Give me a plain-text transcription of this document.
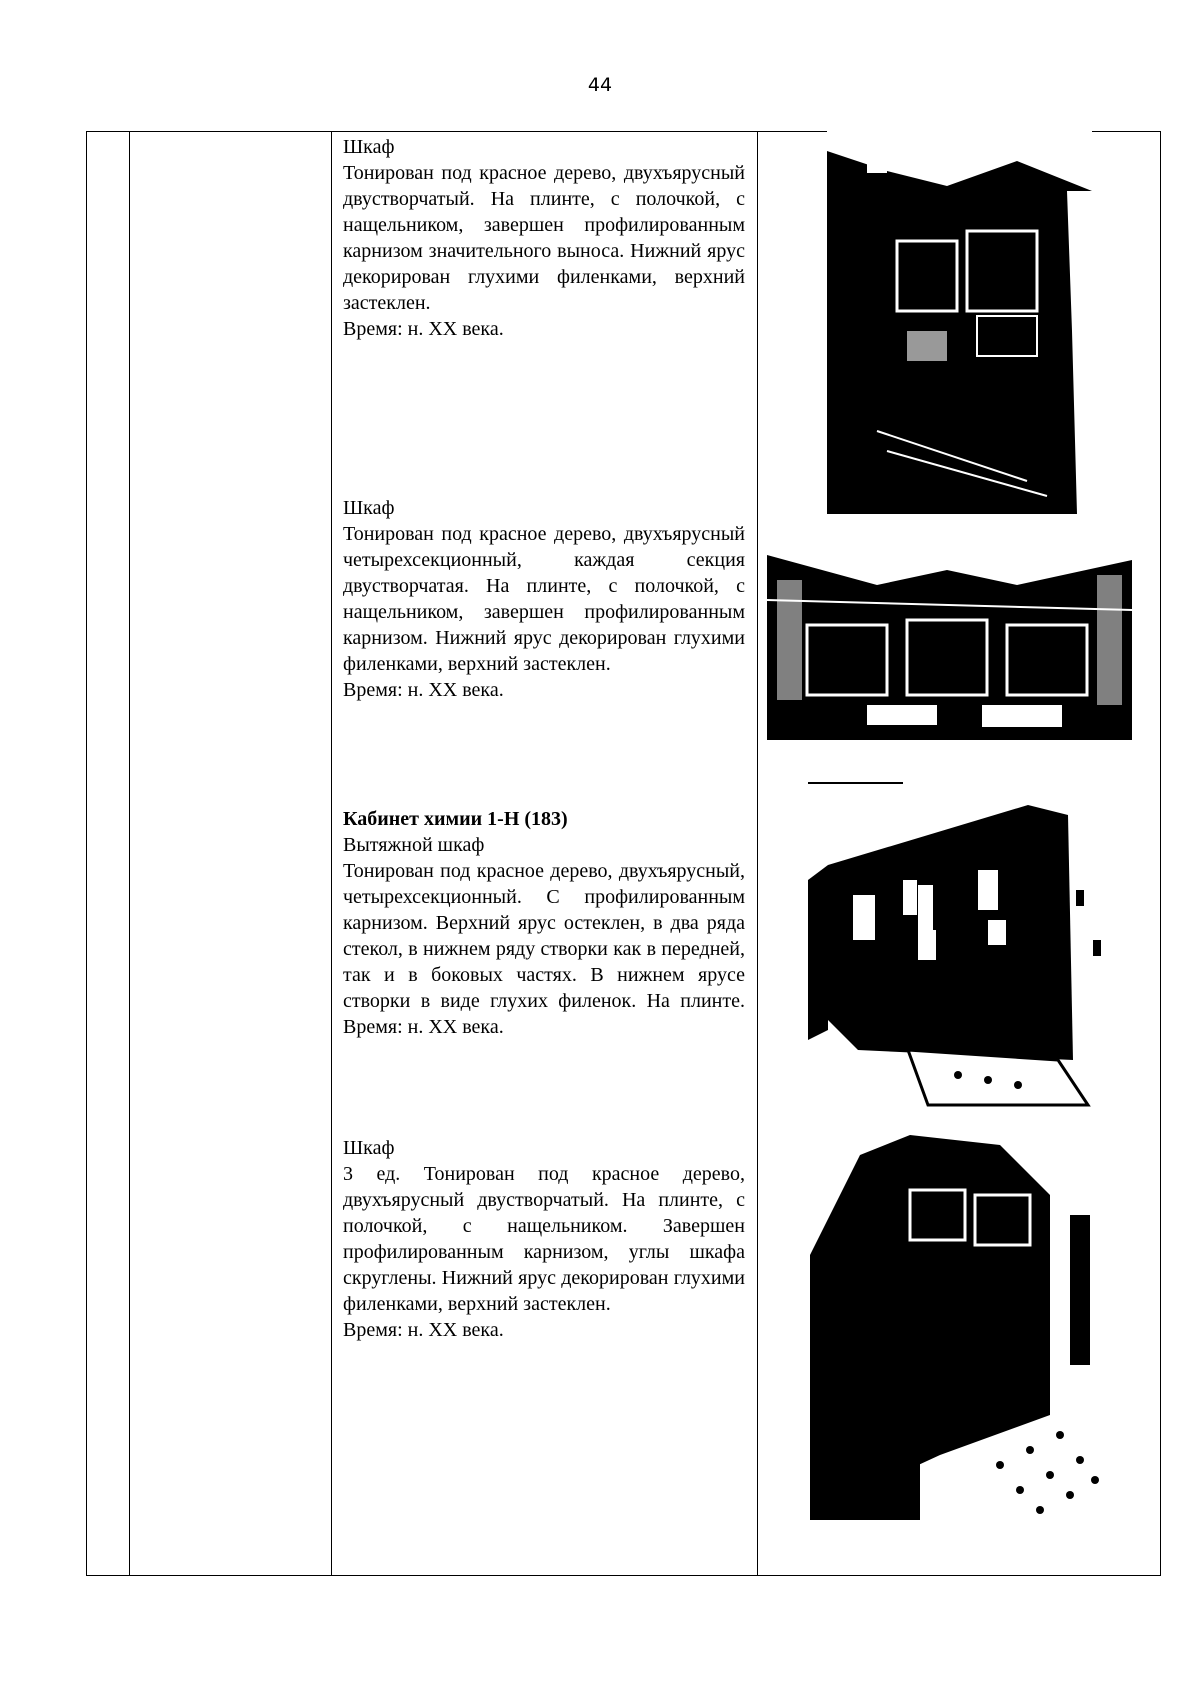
44

Шкаф

Тонирован под красное дерево, двухъярусный двустворчатый. На плинте, с полочкой, с нащельником, завершен профилированным карнизом значительного выноса. Нижний ярус декорирован глухими филенками, верхний застеклен.

Время: н. XX века.

Шкаф

Тонирован под красное дерево, двухъярусный четырехсекционный, каждая секция двустворчатая. На плинте, с полочкой, с нащельником, завершен профилированным карнизом. Нижний ярус декорирован глухими филенками, верхний застеклен.

Время: н. XX века.

Кабинет химии 1-Н (183)

Вытяжной шкаф

Тонирован под красное дерево, двухъярусный, четырехсекционный. С профилированным карнизом. Верхний ярус остеклен, в два ряда стекол, в нижнем ряду створки как в передней, так и в боковых частях. В нижнем ярусе створки в виде глухих филенок. На плинте. Время: н. XX века.

Шкаф

3 ед. Тонирован под красное дерево, двухъярусный двустворчатый. На плинте, с полочкой, с нащельником. Завершен профилированным карнизом, углы шкафа скруглены. Нижний ярус декорирован глухими филенками, верхний застеклен.

Время: н. XX века.
